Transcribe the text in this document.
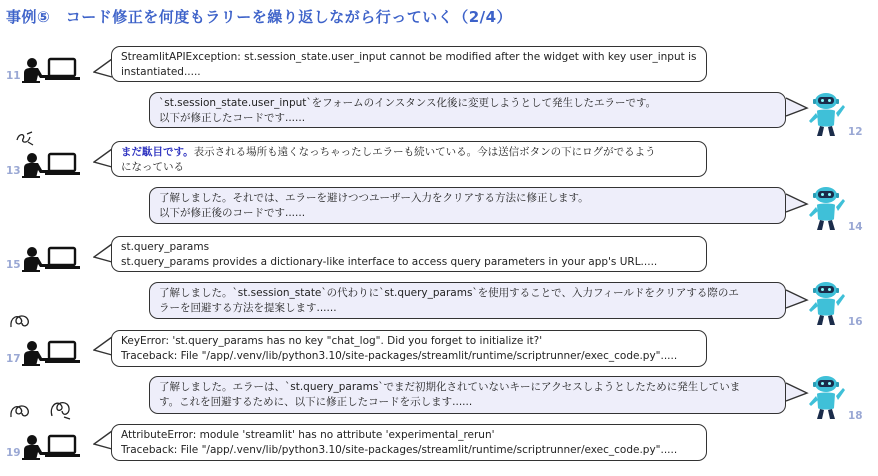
事例⑤　コード修正を何度もラリーを繰り返しながら行っていく（2/4）
11
StreamlitAPIException: st.session_state.user_input cannot be modified after the widget with key user_input is
instantiated.....
`st.session_state.user_input`をフォームのインスタンス化後に変更しようとして発生したエラーです。
以下が修正したコードです......
12
13
まだ駄目です。表示される場所も遠くなっちゃったしエラーも続いている。今は送信ボタンの下にログがでるよう
になっている
了解しました。それでは、エラーを避けつつユーザー入力をクリアする方法に修正します。
以下が修正後のコードです......
14
15
st.query_params
st.query_params provides a dictionary-like interface to access query parameters in your app's URL.....
了解しました。`st.session_state`の代わりに`st.query_params`を使用することで、入力フィールドをクリアする際のエ
ラーを回避する方法を提案します......
16
17
KeyError: 'st.query_params has no key "chat_log". Did you forget to initialize it?'
Traceback: File "/app/.venv/lib/python3.10/site-packages/streamlit/runtime/scriptrunner/exec_code.py".....
了解しました。エラーは、`st.query_params`でまだ初期化されていないキーにアクセスしようとしたために発生していま
す。これを回避するために、以下に修正したコードを示します......
18
19
AttributeError: module 'streamlit' has no attribute 'experimental_rerun'
Traceback: File "/app/.venv/lib/python3.10/site-packages/streamlit/runtime/scriptrunner/exec_code.py".....
